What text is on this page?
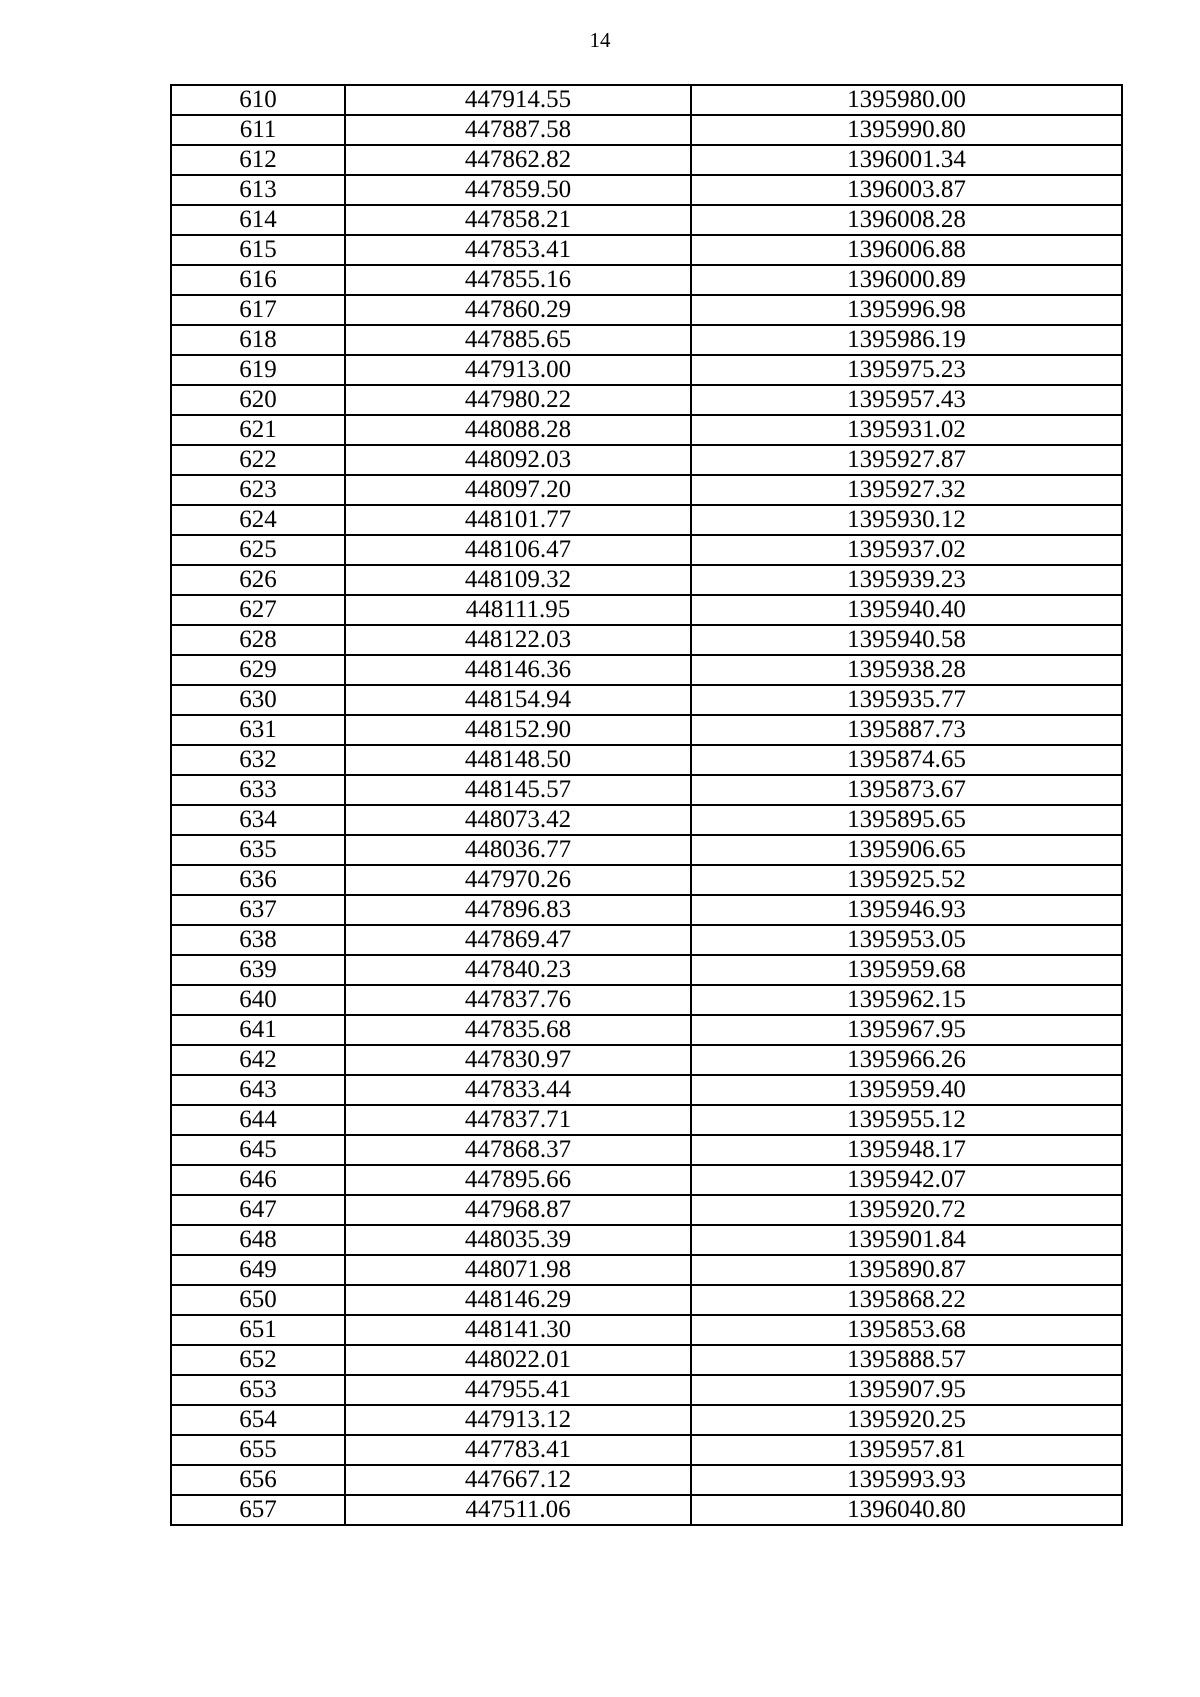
14
610	447914.55	1395980.00
611	447887.58	1395990.80
612	447862.82	1396001.34
613	447859.50	1396003.87
614	447858.21	1396008.28
615	447853.41	1396006.88
616	447855.16	1396000.89
617	447860.29	1395996.98
618	447885.65	1395986.19
619	447913.00	1395975.23
620	447980.22	1395957.43
621	448088.28	1395931.02
622	448092.03	1395927.87
623	448097.20	1395927.32
624	448101.77	1395930.12
625	448106.47	1395937.02
626	448109.32	1395939.23
627	448111.95	1395940.40
628	448122.03	1395940.58
629	448146.36	1395938.28
630	448154.94	1395935.77
631	448152.90	1395887.73
632	448148.50	1395874.65
633	448145.57	1395873.67
634	448073.42	1395895.65
635	448036.77	1395906.65
636	447970.26	1395925.52
637	447896.83	1395946.93
638	447869.47	1395953.05
639	447840.23	1395959.68
640	447837.76	1395962.15
641	447835.68	1395967.95
642	447830.97	1395966.26
643	447833.44	1395959.40
644	447837.71	1395955.12
645	447868.37	1395948.17
646	447895.66	1395942.07
647	447968.87	1395920.72
648	448035.39	1395901.84
649	448071.98	1395890.87
650	448146.29	1395868.22
651	448141.30	1395853.68
652	448022.01	1395888.57
653	447955.41	1395907.95
654	447913.12	1395920.25
655	447783.41	1395957.81
656	447667.12	1395993.93
657	447511.06	1396040.80
